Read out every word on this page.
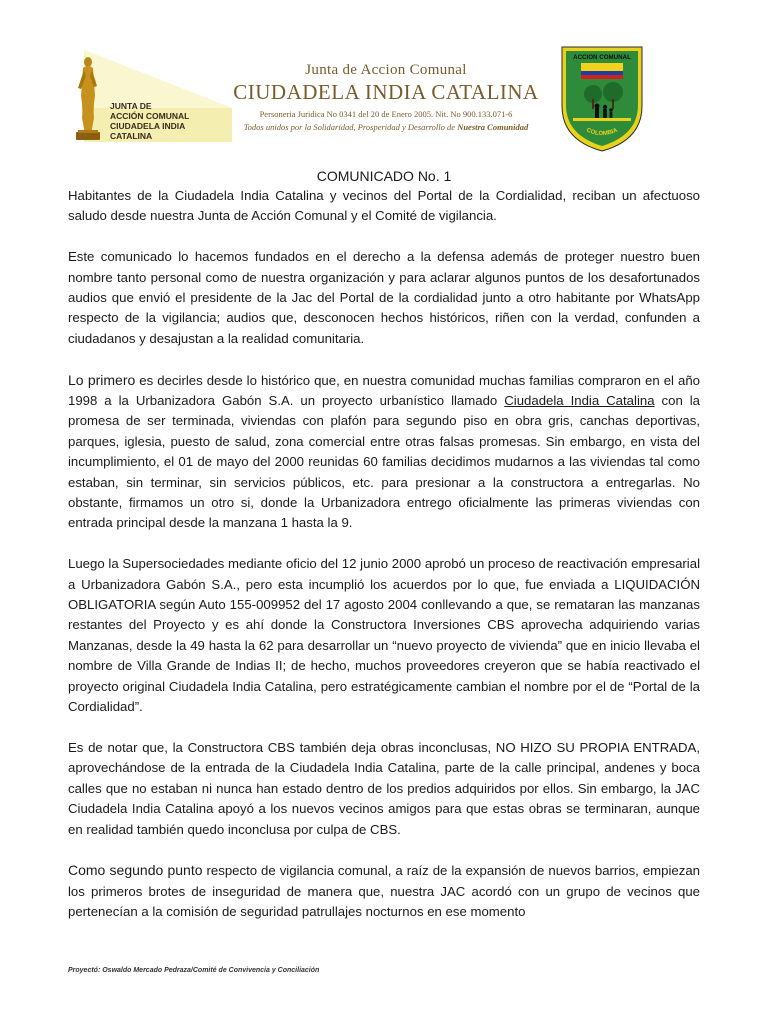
JUNTA DE
ACCIÓN COMUNAL
CIUDADELA INDIA CATALINA
Junta de Accion Comunal
CIUDADELA INDIA CATALINA
Personeria Juridica No 0341 del 20 de Enero 2005. Nit. No 900.133.071-6
Todos unidos por la Solidaridad, Prosperidad y Desarrollo de Nuestra Comunidad
ACCION COMUNAL
COLOMBIA
COMUNICADO No. 1

Habitantes de la Ciudadela India Catalina y vecinos del Portal de la Cordialidad, reciban un afectuoso saludo desde nuestra Junta de Acción Comunal y el Comité de vigilancia.

Este comunicado lo hacemos fundados en el derecho a la defensa además de proteger nuestro buen nombre tanto personal como de nuestra organización y para aclarar algunos puntos de los desafortunados audios que envió el presidente de la Jac del Portal de la cordialidad junto a otro habitante por WhatsApp respecto de la vigilancia; audios que, desconocen hechos históricos, riñen con la verdad, confunden a ciudadanos y desajustan a la realidad comunitaria.

Lo primero es decirles desde lo histórico que, en nuestra comunidad muchas familias compraron en el año 1998 a la Urbanizadora Gabón S.A. un proyecto urbanístico llamado Ciudadela India Catalina con la promesa de ser terminada, viviendas con plafón para segundo piso en obra gris, canchas deportivas, parques, iglesia, puesto de salud, zona comercial entre otras falsas promesas. Sin embargo, en vista del incumplimiento, el 01 de mayo del 2000 reunidas 60 familias decidimos mudarnos a las viviendas tal como estaban, sin terminar, sin servicios públicos, etc. para presionar a la constructora a entregarlas. No obstante, firmamos un otro si, donde la Urbanizadora entrego oficialmente las primeras viviendas con entrada principal desde la manzana 1 hasta la 9.

Luego la Supersociedades mediante oficio del 12 junio 2000 aprobó un proceso de reactivación empresarial a Urbanizadora Gabón S.A., pero esta incumplió los acuerdos por lo que, fue enviada a LIQUIDACIÓN OBLIGATORIA según Auto 155-009952 del 17 agosto 2004 conllevando a que, se remataran las manzanas restantes del Proyecto y es ahí donde la Constructora Inversiones CBS aprovecha adquiriendo varias Manzanas, desde la 49 hasta la 62 para desarrollar un “nuevo proyecto de vivienda” que en inicio llevaba el nombre de Villa Grande de Indias II; de hecho, muchos proveedores creyeron que se había reactivado el proyecto original Ciudadela India Catalina, pero estratégicamente cambian el nombre por el de “Portal de la Cordialidad”.

Es de notar que, la Constructora CBS también deja obras inconclusas, NO HIZO SU PROPIA ENTRADA, aprovechándose de la entrada de la Ciudadela India Catalina, parte de la calle principal, andenes y boca calles que no estaban ni nunca han estado dentro de los predios adquiridos por ellos. Sin embargo, la JAC Ciudadela India Catalina apoyó a los nuevos vecinos amigos para que estas obras se terminaran, aunque en realidad también quedo inconclusa por culpa de CBS.

Como segundo punto respecto de vigilancia comunal, a raíz de la expansión de nuevos barrios, empiezan los primeros brotes de inseguridad de manera que, nuestra JAC acordó con un grupo de vecinos que pertenecían a la comisión de seguridad patrullajes nocturnos en ese momento

Proyectó: Oswaldo Mercado Pedraza/Comité de Convivencia y Conciliación
